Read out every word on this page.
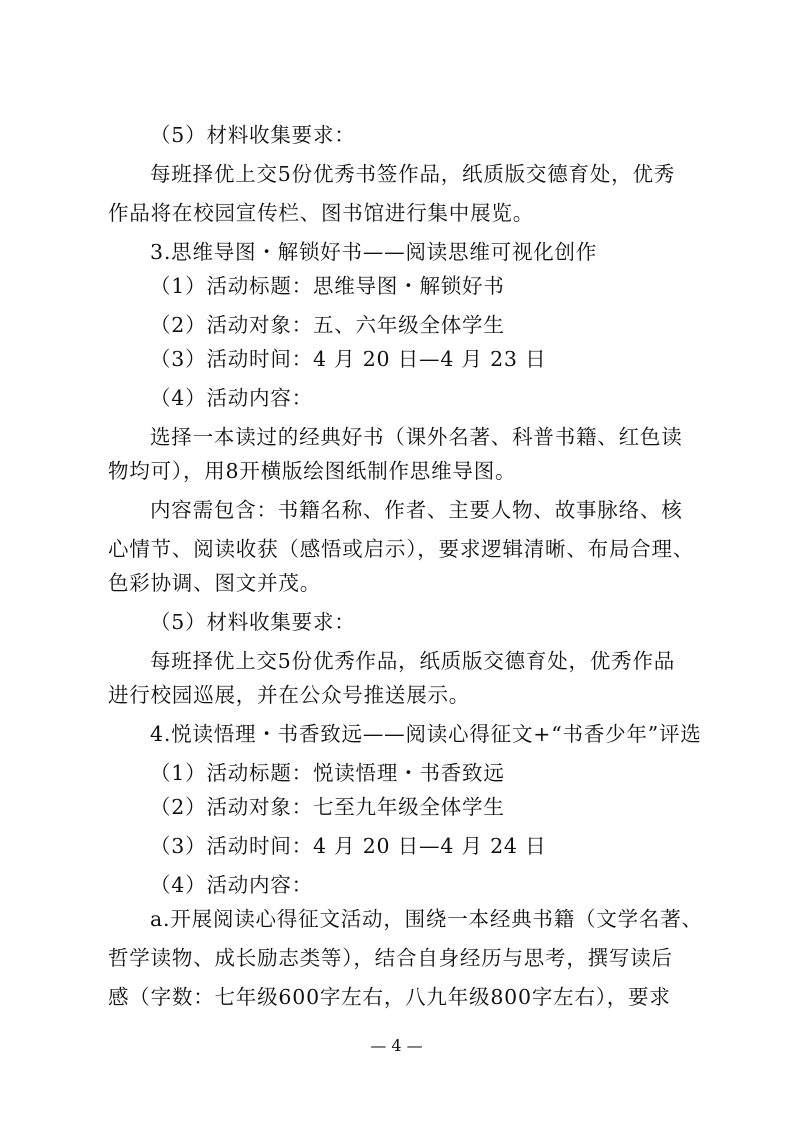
（5）材料收集要求：
每班择优上交5份优秀书签作品，纸质版交德育处，优秀
作品将在校园宣传栏、图书馆进行集中展览。
3.思维导图・解锁好书——阅读思维可视化创作
（1）活动标题：思维导图・解锁好书
（2）活动对象：五、六年级全体学生
（3）活动时间：4 月 20 日—4 月 23 日
（4）活动内容：
选择一本读过的经典好书（课外名著、科普书籍、红色读
物均可），用8开横版绘图纸制作思维导图。
内容需包含：书籍名称、作者、主要人物、故事脉络、核
心情节、阅读收获（感悟或启示），要求逻辑清晰、布局合理、
色彩协调、图文并茂。
（5）材料收集要求：
每班择优上交5份优秀作品，纸质版交德育处，优秀作品
进行校园巡展，并在公众号推送展示。
4.悦读悟理・书香致远——阅读心得征文+“书香少年”评选
（1）活动标题：悦读悟理・书香致远
（2）活动对象：七至九年级全体学生
（3）活动时间：4 月 20 日—4 月 24 日
（4）活动内容：
a.开展阅读心得征文活动，围绕一本经典书籍（文学名著、
哲学读物、成长励志类等），结合自身经历与思考，撰写读后
感（字数：七年级600字左右，八九年级800字左右），要求
— 4 —
